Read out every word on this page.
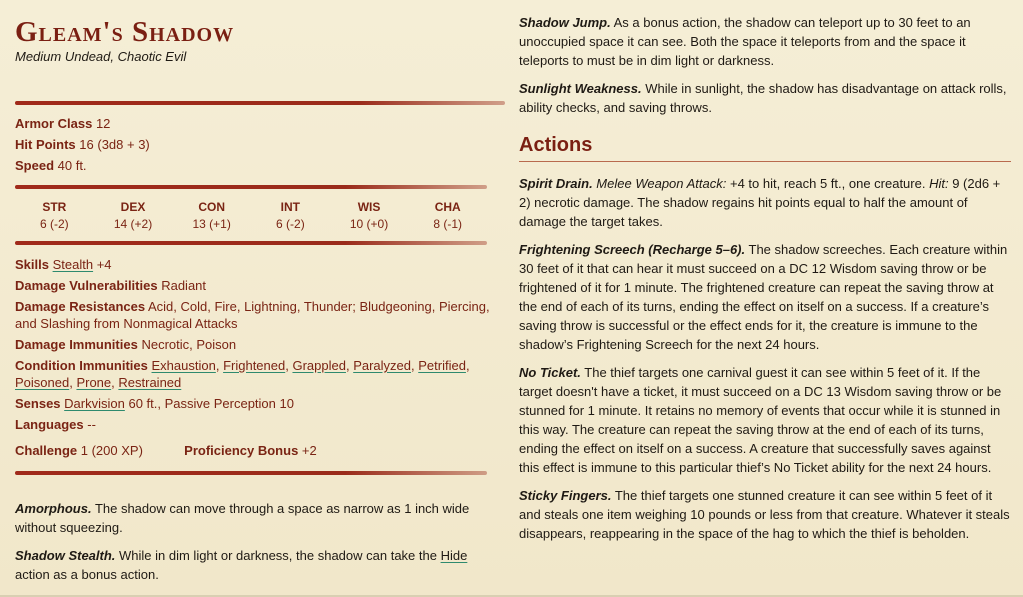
Gleam's Shadow
Medium Undead, Chaotic Evil
Armor Class 12
Hit Points 16 (3d8 + 3)
Speed 40 ft.
STR
6 (-2)
DEX
14 (+2)
CON
13 (+1)
INT
6 (-2)
WIS
10 (+0)
CHA
8 (-1)
Skills Stealth +4
Damage Vulnerabilities Radiant
Damage Resistances Acid, Cold, Fire, Lightning, Thunder; Bludgeoning, Piercing, and Slashing from Nonmagical Attacks
Damage Immunities Necrotic, Poison
Condition Immunities Exhaustion, Frightened, Grappled, Paralyzed, Petrified, Poisoned, Prone, Restrained
Senses Darkvision 60 ft., Passive Perception 10
Languages --
Challenge 1 (200 XP)	Proficiency Bonus +2

Amorphous. The shadow can move through a space as narrow as 1 inch wide without squeezing.

Shadow Stealth. While in dim light or darkness, the shadow can take the Hide action as a bonus action.

Shadow Jump. As a bonus action, the shadow can teleport up to 30 feet to an unoccupied space it can see. Both the space it teleports from and the space it teleports to must be in dim light or darkness.

Sunlight Weakness. While in sunlight, the shadow has disadvantage on attack rolls, ability checks, and saving throws.

Actions

Spirit Drain. Melee Weapon Attack: +4 to hit, reach 5 ft., one creature. Hit: 9 (2d6 + 2) necrotic damage. The shadow regains hit points equal to half the amount of damage the target takes.

Frightening Screech (Recharge 5–6). The shadow screeches. Each creature within 30 feet of it that can hear it must succeed on a DC 12 Wisdom saving throw or be frightened of it for 1 minute. The frightened creature can repeat the saving throw at the end of each of its turns, ending the effect on itself on a success. If a creature’s saving throw is successful or the effect ends for it, the creature is immune to the shadow’s Frightening Screech for the next 24 hours.

No Ticket. The thief targets one carnival guest it can see within 5 feet of it. If the target doesn't have a ticket, it must succeed on a DC 13 Wisdom saving throw or be stunned for 1 minute. It retains no memory of events that occur while it is stunned in this way. The creature can repeat the saving throw at the end of each of its turns, ending the effect on itself on a success. A creature that successfully saves against this effect is immune to this particular thief’s No Ticket ability for the next 24 hours.

Sticky Fingers. The thief targets one stunned creature it can see within 5 feet of it and steals one item weighing 10 pounds or less from that creature. Whatever it steals disappears, reappearing in the space of the hag to which the thief is beholden.
